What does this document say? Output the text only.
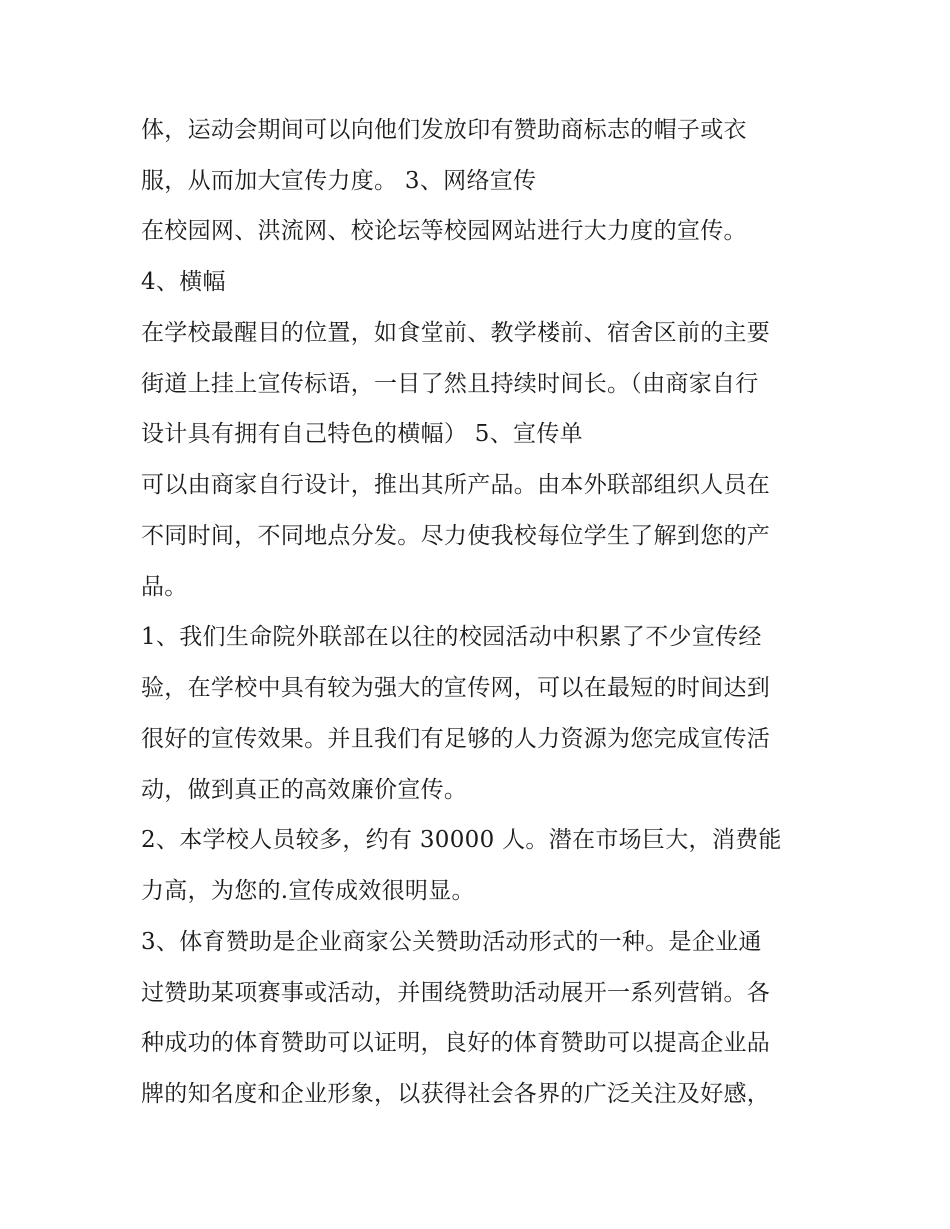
体，运动会期间可以向他们发放印有赞助商标志的帽子或衣

服，从而加大宣传力度。 3、网络宣传

在校园网、洪流网、校论坛等校园网站进行大力度的宣传。

4、横幅

在学校最醒目的位置，如食堂前、教学楼前、宿舍区前的主要

街道上挂上宣传标语，一目了然且持续时间长。（由商家自行

设计具有拥有自己特色的横幅） 5、宣传单

可以由商家自行设计，推出其所产品。由本外联部组织人员在

不同时间，不同地点分发。尽力使我校每位学生了解到您的产

品。

1、我们生命院外联部在以往的校园活动中积累了不少宣传经

验，在学校中具有较为强大的宣传网，可以在最短的时间达到

很好的宣传效果。并且我们有足够的人力资源为您完成宣传活

动，做到真正的高效廉价宣传。

2、本学校人员较多，约有 30000 人。潜在市场巨大，消费能

力高，为您的.宣传成效很明显。

3、体育赞助是企业商家公关赞助活动形式的一种。是企业通

过赞助某项赛事或活动，并围绕赞助活动展开一系列营销。各

种成功的体育赞助可以证明，良好的体育赞助可以提高企业品

牌的知名度和企业形象，以获得社会各界的广泛关注及好感，
